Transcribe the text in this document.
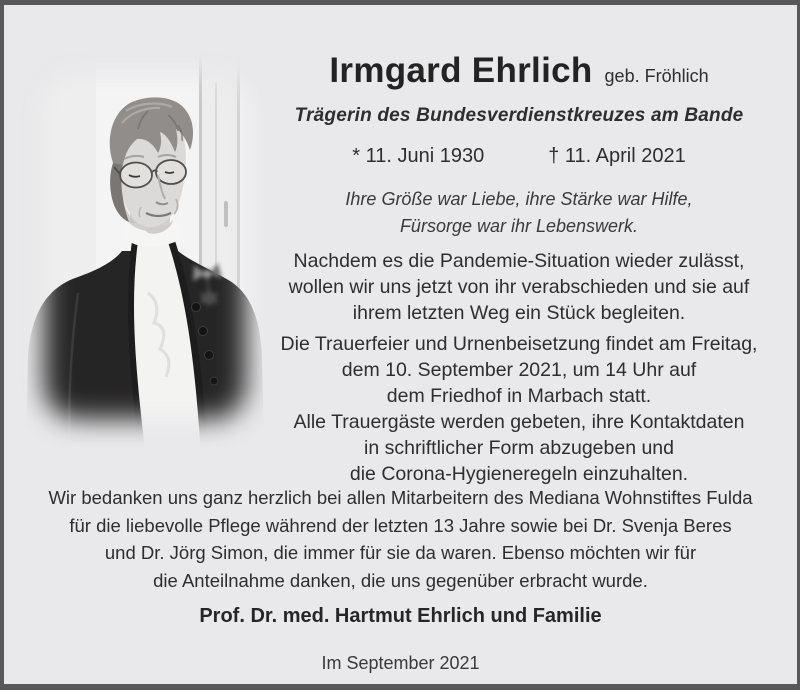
Irmgard Ehrlich geb. Fröhlich
Trägerin des Bundesverdienstkreuzes am Bande
* 11. Juni 1930	† 11. April 2021
Ihre Größe war Liebe, ihre Stärke war Hilfe,
Fürsorge war ihr Lebenswerk.
Nachdem es die Pandemie-Situation wieder zulässt,
wollen wir uns jetzt von ihr verabschieden und sie auf
ihrem letzten Weg ein Stück begleiten.
Die Trauerfeier und Urnenbeisetzung findet am Freitag,
dem 10. September 2021, um 14 Uhr auf
dem Friedhof in Marbach statt.
Alle Trauergäste werden gebeten, ihre Kontaktdaten
in schriftlicher Form abzugeben und
die Corona-Hygieneregeln einzuhalten.
Wir bedanken uns ganz herzlich bei allen Mitarbeitern des Mediana Wohnstiftes Fulda
für die liebevolle Pflege während der letzten 13 Jahre sowie bei Dr. Svenja Beres
und Dr. Jörg Simon, die immer für sie da waren. Ebenso möchten wir für
die Anteilnahme danken, die uns gegenüber erbracht wurde.
Prof. Dr. med. Hartmut Ehrlich und Familie
Im September 2021
